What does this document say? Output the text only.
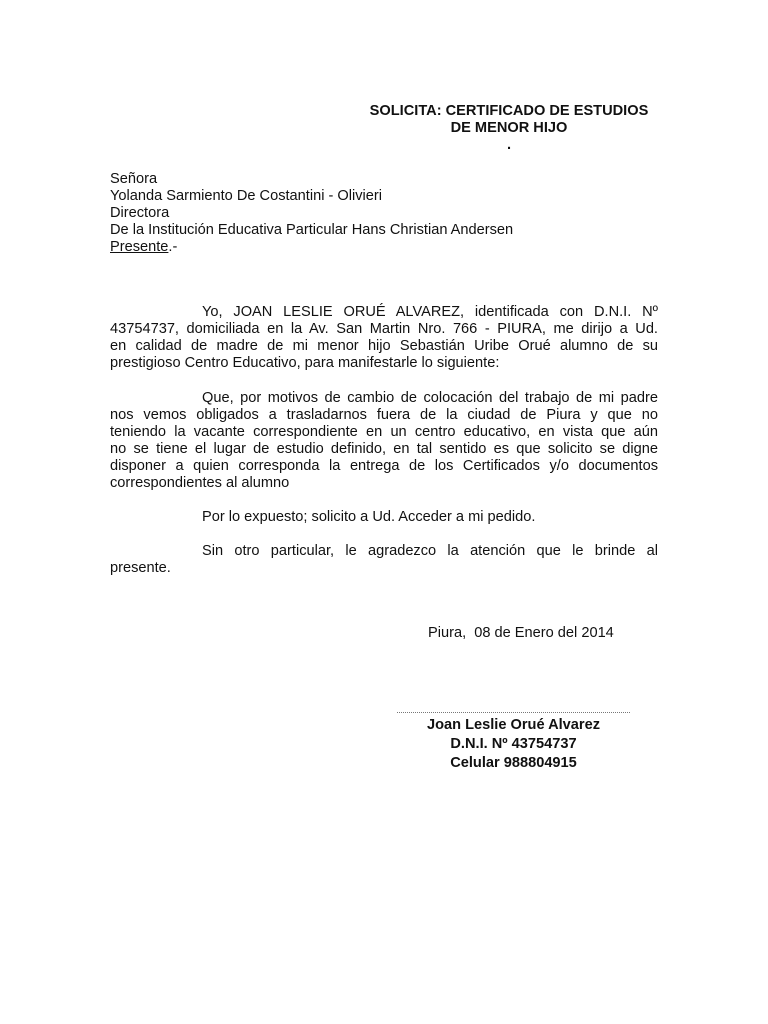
SOLICITA: CERTIFICADO DE ESTUDIOS
DE MENOR HIJO
.
Señora
Yolanda Sarmiento De Costantini - Olivieri
Directora
De la Institución Educativa Particular Hans Christian Andersen
Presente.-
Yo, JOAN LESLIE ORUÉ ALVAREZ, identificada con D.N.I. Nº
43754737, domiciliada en la Av. San Martin Nro. 766 - PIURA, me dirijo a Ud.
en calidad de madre de mi menor hijo Sebastián Uribe Orué alumno de su
prestigioso Centro Educativo, para manifestarle lo siguiente:
Que, por motivos de cambio de colocación del trabajo de mi padre
nos vemos obligados a trasladarnos fuera de la ciudad de Piura y que no
teniendo la vacante correspondiente en un centro educativo, en vista que aún
no se tiene el lugar de estudio definido, en tal sentido es que solicito se digne
disponer a quien corresponda la entrega de los Certificados y/o documentos
correspondientes al alumno
Por lo expuesto; solicito a Ud. Acceder a mi pedido.
Sin otro particular, le agradezco la atención que le brinde al
presente.
Piura,  08 de Enero del 2014
Joan Leslie Orué Alvarez
D.N.I. Nº 43754737
Celular 988804915
